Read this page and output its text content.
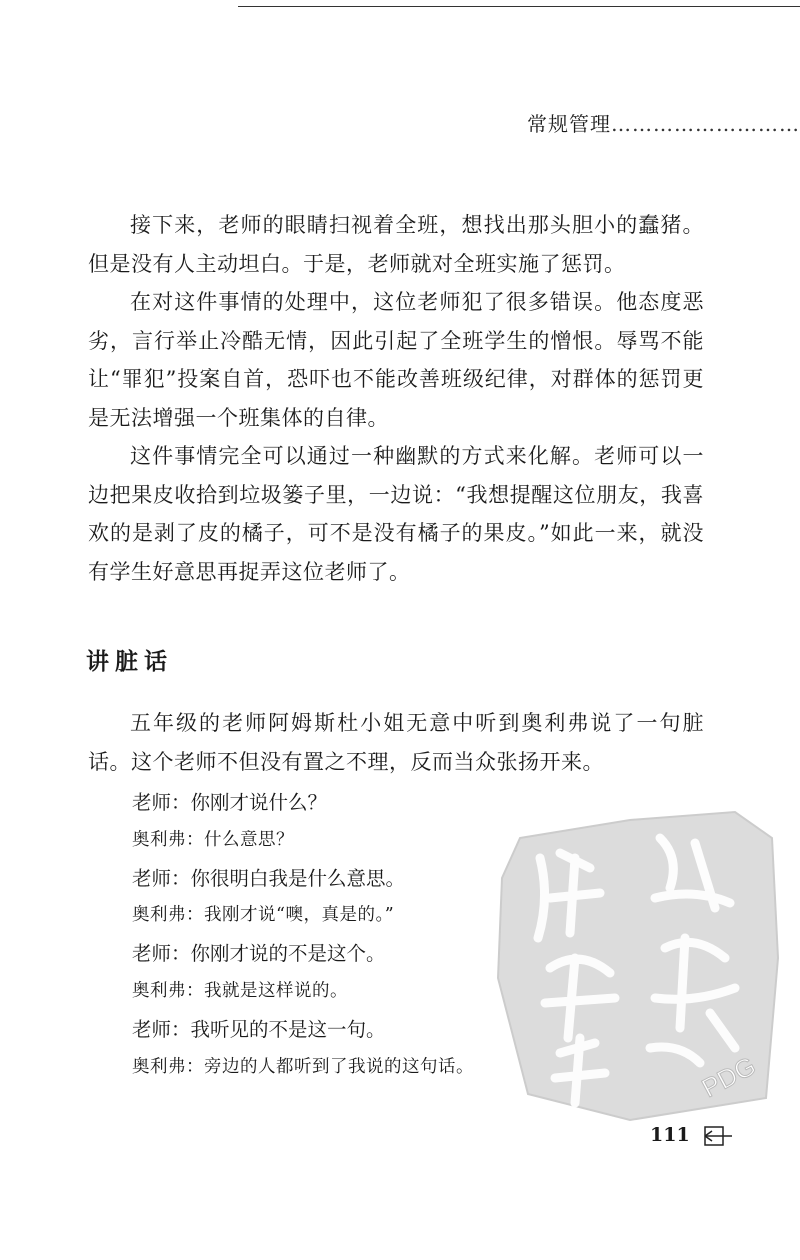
常规管理………………………
接下来，老师的眼睛扫视着全班，想找出那头胆小的蠢猪。但是没有人主动坦白。于是，老师就对全班实施了惩罚。
在对这件事情的处理中，这位老师犯了很多错误。他态度恶劣，言行举止冷酷无情，因此引起了全班学生的憎恨。辱骂不能让“罪犯”投案自首，恐吓也不能改善班级纪律，对群体的惩罚更是无法增强一个班集体的自律。
这件事情完全可以通过一种幽默的方式来化解。老师可以一边把果皮收拾到垃圾篓子里，一边说：“我想提醒这位朋友，我喜欢的是剥了皮的橘子，可不是没有橘子的果皮。”如此一来，就没有学生好意思再捉弄这位老师了。
讲脏话
五年级的老师阿姆斯杜小姐无意中听到奥利弗说了一句脏话。这个老师不但没有置之不理，反而当众张扬开来。
老师：你刚才说什么？
奥利弗：什么意思？
老师：你很明白我是什么意思。
奥利弗：我刚才说“噢，真是的。”
老师：你刚才说的不是这个。
奥利弗：我就是这样说的。
老师：我听见的不是这一句。
奥利弗：旁边的人都听到了我说的这句话。	PDG
111
